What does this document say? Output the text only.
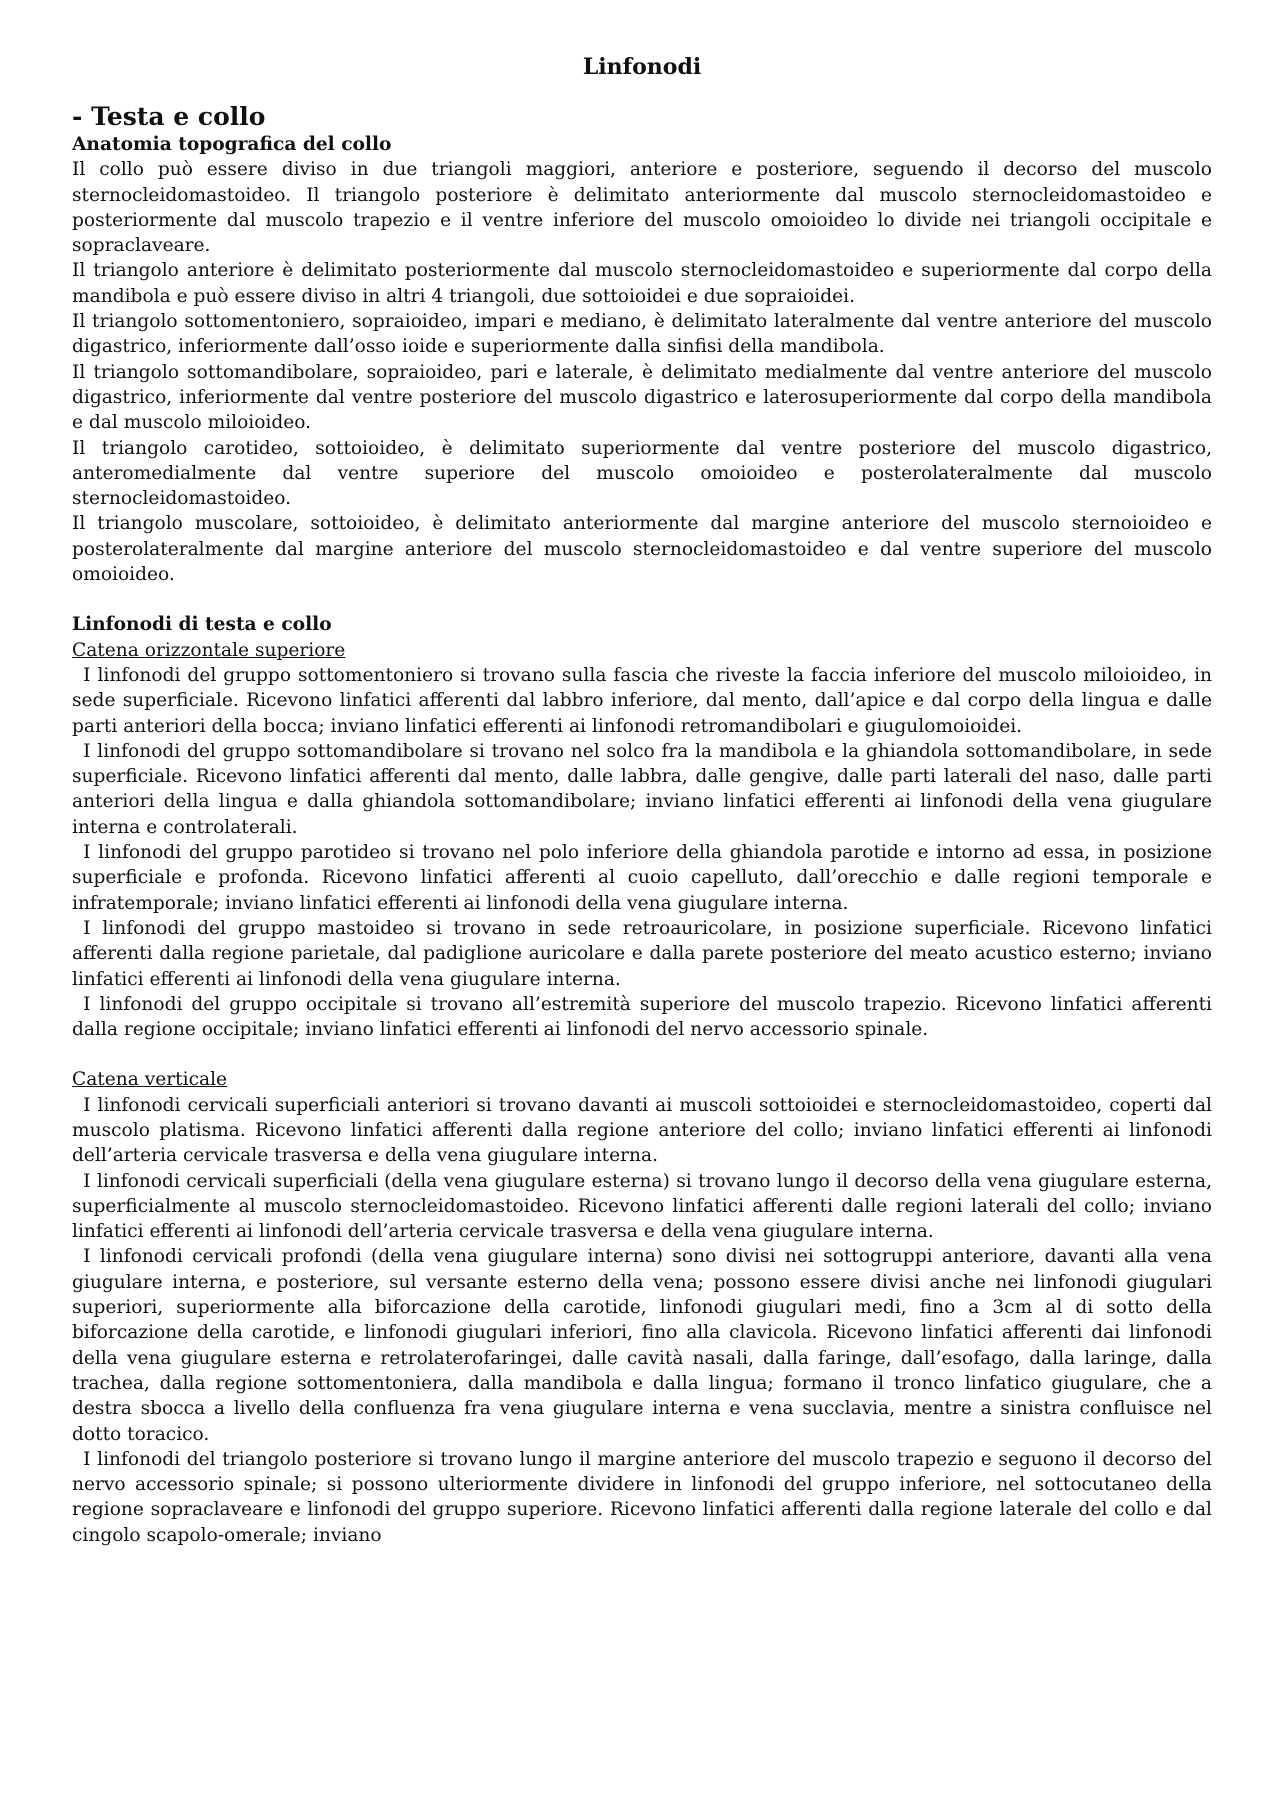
Linfonodi
- Testa e collo
Anatomia topografica del collo

Il collo può essere diviso in due triangoli maggiori, anteriore e posteriore, seguendo il decorso del muscolo sternocleidomastoideo. Il triangolo posteriore è delimitato anteriormente dal muscolo sternocleidomastoideo e posteriormente dal muscolo trapezio e il ventre inferiore del muscolo omoioideo lo divide nei triangoli occipitale e sopraclaveare.

Il triangolo anteriore è delimitato posteriormente dal muscolo sternocleidomastoideo e superiormente dal corpo della mandibola e può essere diviso in altri 4 triangoli, due sottoioidei e due sopraioidei.

Il triangolo sottomentoniero, sopraioideo, impari e mediano, è delimitato lateralmente dal ventre anteriore del muscolo digastrico, inferiormente dall’osso ioide e superiormente dalla sinfisi della mandibola.

Il triangolo sottomandibolare, sopraioideo, pari e laterale, è delimitato medialmente dal ventre anteriore del muscolo digastrico, inferiormente dal ventre posteriore del muscolo digastrico e laterosuperiormente dal corpo della mandibola e dal muscolo miloioideo.

Il triangolo carotideo, sottoioideo, è delimitato superiormente dal ventre posteriore del muscolo digastrico, anteromedialmente dal ventre superiore del muscolo omoioideo e posterolateralmente dal muscolo sternocleidomastoideo.

Il triangolo muscolare, sottoioideo, è delimitato anteriormente dal margine anteriore del muscolo sternoioideo e posterolateralmente dal margine anteriore del muscolo sternocleidomastoideo e dal ventre superiore del muscolo omoioideo.

Linfonodi di testa e collo
Catena orizzontale superiore

I linfonodi del gruppo sottomentoniero si trovano sulla fascia che riveste la faccia inferiore del muscolo miloioideo, in sede superficiale. Ricevono linfatici afferenti dal labbro inferiore, dal mento, dall’apice e dal corpo della lingua e dalle parti anteriori della bocca; inviano linfatici efferenti ai linfonodi retromandibolari e giugulomoioidei.

I linfonodi del gruppo sottomandibolare si trovano nel solco fra la mandibola e la ghiandola sottomandibolare, in sede superficiale. Ricevono linfatici afferenti dal mento, dalle labbra, dalle gengive, dalle parti laterali del naso, dalle parti anteriori della lingua e dalla ghiandola sottomandibolare; inviano linfatici efferenti ai linfonodi della vena giugulare interna e controlaterali.

I linfonodi del gruppo parotideo si trovano nel polo inferiore della ghiandola parotide e intorno ad essa, in posizione superficiale e profonda. Ricevono linfatici afferenti al cuoio capelluto, dall’orecchio e dalle regioni temporale e infratemporale; inviano linfatici efferenti ai linfonodi della vena giugulare interna.

I linfonodi del gruppo mastoideo si trovano in sede retroauricolare, in posizione superficiale. Ricevono linfatici afferenti dalla regione parietale, dal padiglione auricolare e dalla parete posteriore del meato acustico esterno; inviano linfatici efferenti ai linfonodi della vena giugulare interna.

I linfonodi del gruppo occipitale si trovano all’estremità superiore del muscolo trapezio. Ricevono linfatici afferenti dalla regione occipitale; inviano linfatici efferenti ai linfonodi del nervo accessorio spinale.

Catena verticale

I linfonodi cervicali superficiali anteriori si trovano davanti ai muscoli sottoioidei e sternocleidomastoideo, coperti dal muscolo platisma. Ricevono linfatici afferenti dalla regione anteriore del collo; inviano linfatici efferenti ai linfonodi dell’arteria cervicale trasversa e della vena giugulare interna.

I linfonodi cervicali superficiali (della vena giugulare esterna) si trovano lungo il decorso della vena giugulare esterna, superficialmente al muscolo sternocleidomastoideo. Ricevono linfatici afferenti dalle regioni laterali del collo; inviano linfatici efferenti ai linfonodi dell’arteria cervicale trasversa e della vena giugulare interna.

I linfonodi cervicali profondi (della vena giugulare interna) sono divisi nei sottogruppi anteriore, davanti alla vena giugulare interna, e posteriore, sul versante esterno della vena; possono essere divisi anche nei linfonodi giugulari superiori, superiormente alla biforcazione della carotide, linfonodi giugulari medi, fino a 3cm al di sotto della biforcazione della carotide, e linfonodi giugulari inferiori, fino alla clavicola. Ricevono linfatici afferenti dai linfonodi della vena giugulare esterna e retrolaterofaringei, dalle cavità nasali, dalla faringe, dall’esofago, dalla laringe, dalla trachea, dalla regione sottomentoniera, dalla mandibola e dalla lingua; formano il tronco linfatico giugulare, che a destra sbocca a livello della confluenza fra vena giugulare interna e vena succlavia, mentre a sinistra confluisce nel dotto toracico.

I linfonodi del triangolo posteriore si trovano lungo il margine anteriore del muscolo trapezio e seguono il decorso del nervo accessorio spinale; si possono ulteriormente dividere in linfonodi del gruppo inferiore, nel sottocutaneo della regione sopraclaveare e linfonodi del gruppo superiore. Ricevono linfatici afferenti dalla regione laterale del collo e dal cingolo scapolo-omerale; inviano
